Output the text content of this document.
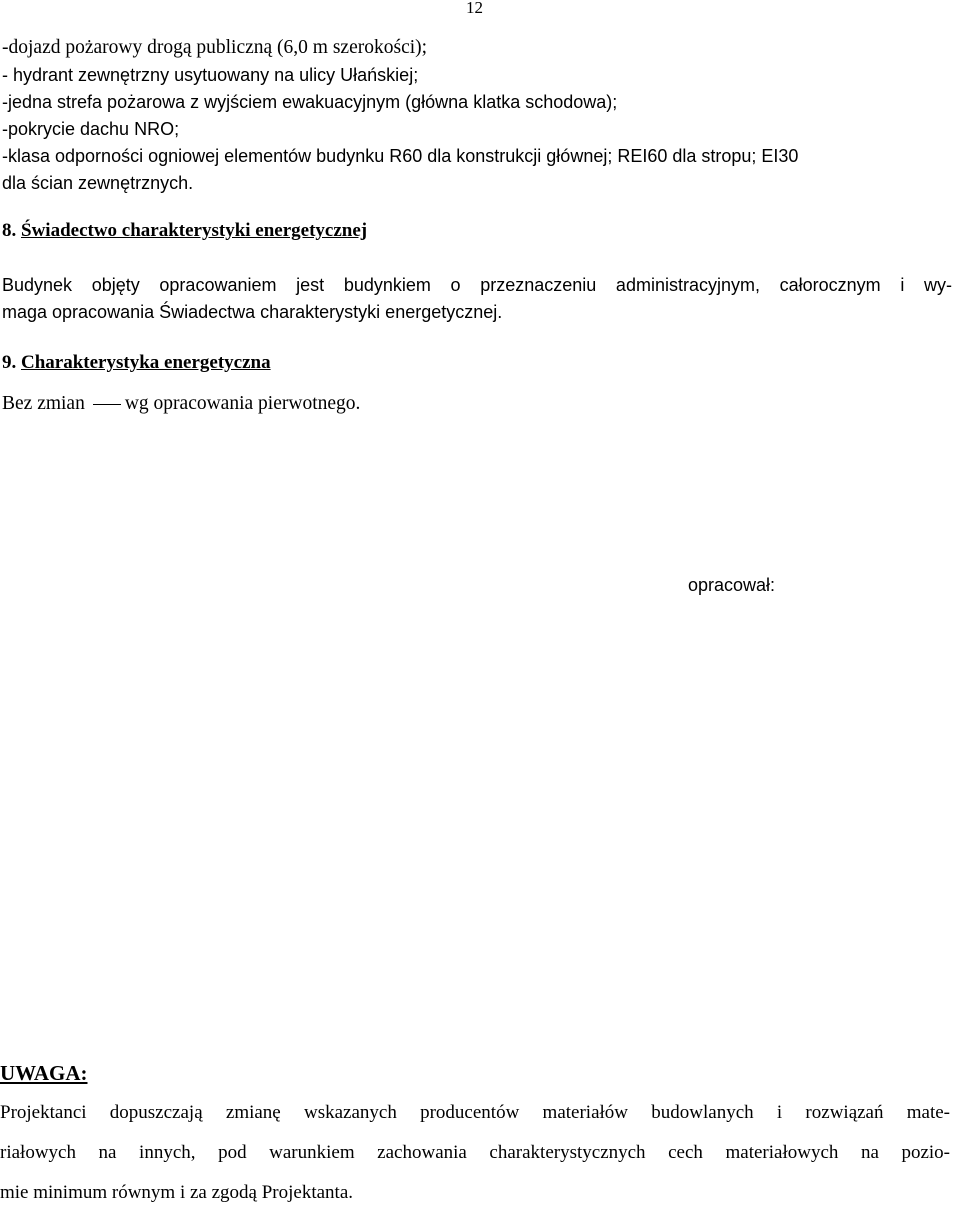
12
-dojazd pożarowy drogą publiczną (6,0 m szerokości);
- hydrant zewnętrzny usytuowany na ulicy Ułańskiej;
-jedna strefa pożarowa z wyjściem ewakuacyjnym (główna klatka schodowa);
-pokrycie dachu NRO;
-klasa odporności ogniowej elementów budynku R60 dla konstrukcji głównej; REI60 dla stropu; EI30
dla ścian zewnętrznych.
8. Świadectwo charakterystyki energetycznej
Budynek objęty opracowaniem jest budynkiem o przeznaczeniu administracyjnym, całorocznym i wy-
maga opracowania Świadectwa charakterystyki energetycznej.
9. Charakterystyka energetyczna
Bez zmian wg opracowania pierwotnego.
opracował:
UWAGA:
Projektanci dopuszczają zmianę wskazanych producentów materiałów budowlanych i rozwiązań mate-
riałowych na innych, pod warunkiem zachowania charakterystycznych cech materiałowych na pozio-
mie minimum równym i za zgodą Projektanta.
